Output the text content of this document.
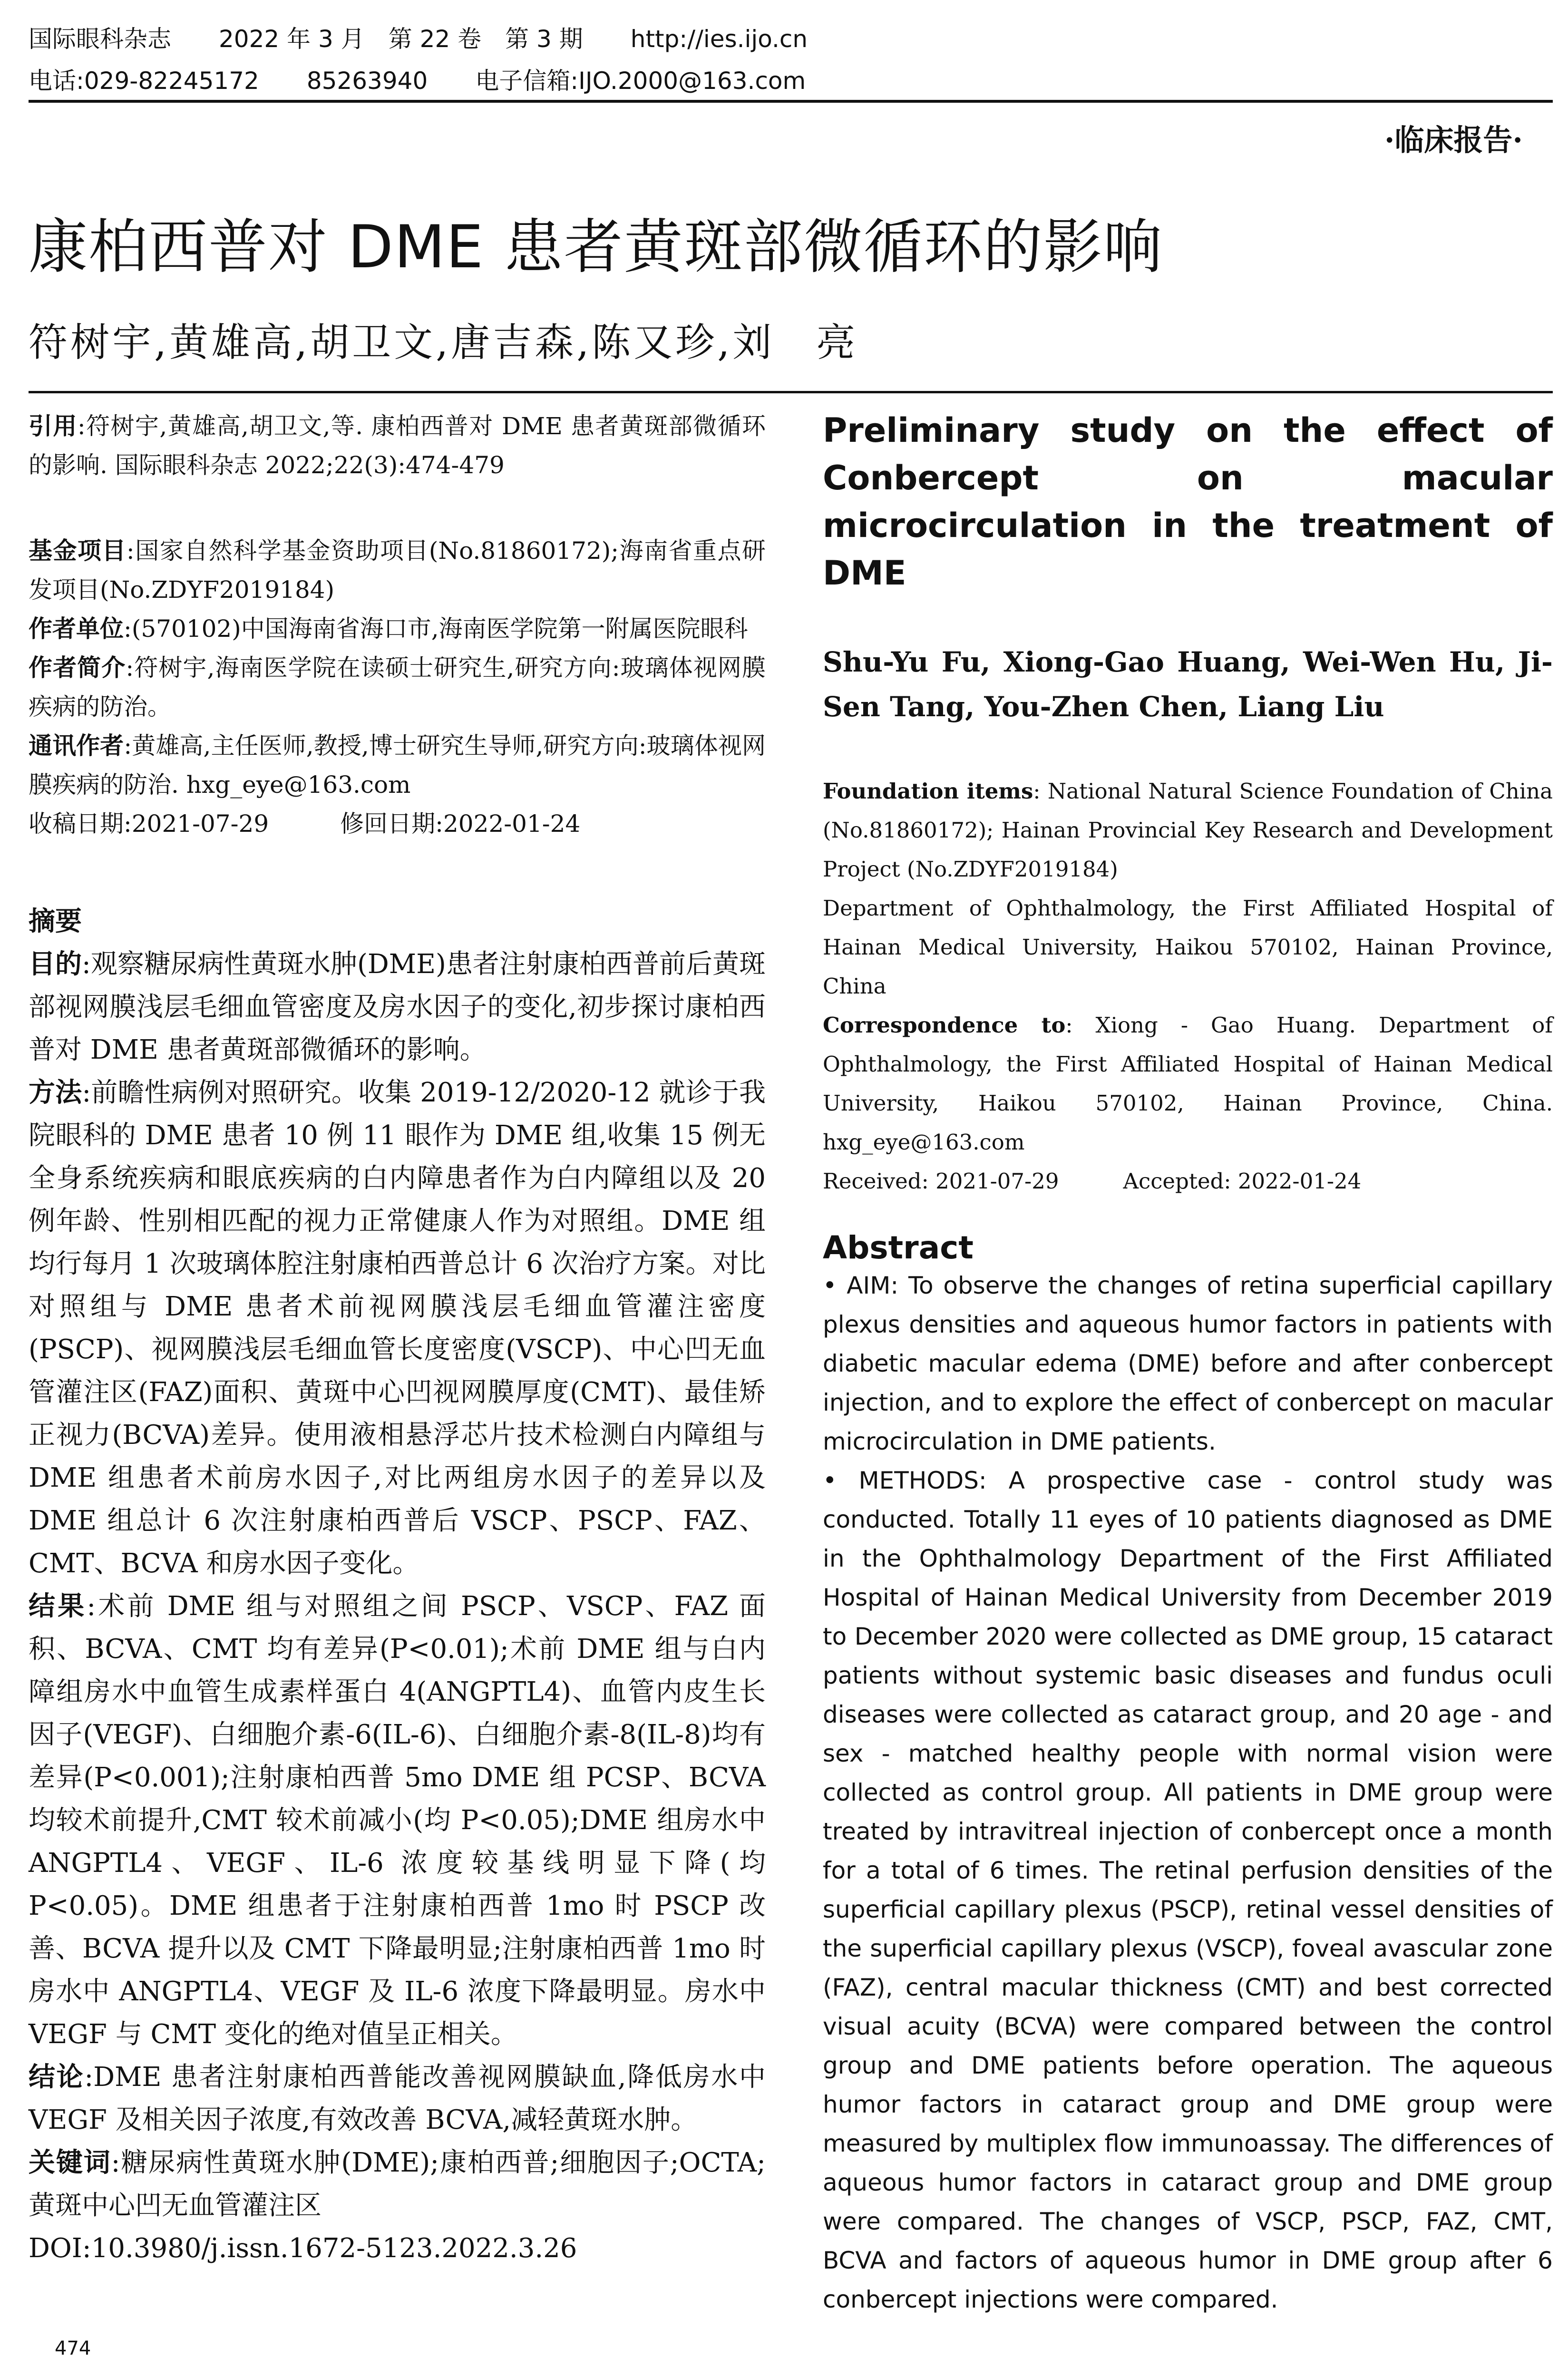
国际眼科杂志　　 2022 年 3 月　第 22 卷　第 3 期　　 http://ies.ijo.cn
电话:029-82245172　　85263940　　 电子信箱:IJO.2000@163.com
·临床报告·
康柏西普对 DME 患者黄斑部微循环的影响
符树宇,黄雄高,胡卫文,唐吉森,陈又珍,刘　亮

引用:符树宇,黄雄高,胡卫文,等. 康柏西普对 DME 患者黄斑部微循环的影响. 国际眼科杂志 2022;22(3):474-479

基金项目:国家自然科学基金资助项目(No.81860172);海南省重点研发项目(No.ZDYF2019184)

作者单位:(570102)中国海南省海口市,海南医学院第一附属医院眼科

作者简介:符树宇,海南医学院在读硕士研究生,研究方向:玻璃体视网膜疾病的防治。

通讯作者:黄雄高,主任医师,教授,博士研究生导师,研究方向:玻璃体视网膜疾病的防治. hxg_eye@163.com

收稿日期:2021-07-29　　　修回日期:2022-01-24

摘要

目的:观察糖尿病性黄斑水肿(DME)患者注射康柏西普前后黄斑部视网膜浅层毛细血管密度及房水因子的变化,初步探讨康柏西普对 DME 患者黄斑部微循环的影响。

方法:前瞻性病例对照研究。收集 2019-12/2020-12 就诊于我院眼科的 DME 患者 10 例 11 眼作为 DME 组,收集 15 例无全身系统疾病和眼底疾病的白内障患者作为白内障组以及 20 例年龄、性别相匹配的视力正常健康人作为对照组。DME 组均行每月 1 次玻璃体腔注射康柏西普总计 6 次治疗方案。对比对照组与 DME 患者术前视网膜浅层毛细血管灌注密度(PSCP)、视网膜浅层毛细血管长度密度(VSCP)、中心凹无血管灌注区(FAZ)面积、黄斑中心凹视网膜厚度(CMT)、最佳矫正视力(BCVA)差异。使用液相悬浮芯片技术检测白内障组与 DME 组患者术前房水因子,对比两组房水因子的差异以及 DME 组总计 6 次注射康柏西普后 VSCP、PSCP、FAZ、CMT、BCVA 和房水因子变化。

结果:术前 DME 组与对照组之间 PSCP、VSCP、FAZ 面积、BCVA、CMT 均有差异(P<0.01);术前 DME 组与白内障组房水中血管生成素样蛋白 4(ANGPTL4)、血管内皮生长因子(VEGF)、白细胞介素-6(IL-6)、白细胞介素-8(IL-8)均有差异(P<0.001);注射康柏西普 5mo DME 组 PCSP、BCVA 均较术前提升,CMT 较术前减小(均 P<0.05);DME 组房水中 ANGPTL4、VEGF、IL-6 浓度较基线明显下降(均 P<0.05)。DME 组患者于注射康柏西普 1mo 时 PSCP 改善、BCVA 提升以及 CMT 下降最明显;注射康柏西普 1mo 时房水中 ANGPTL4、VEGF 及 IL-6 浓度下降最明显。房水中 VEGF 与 CMT 变化的绝对值呈正相关。

结论:DME 患者注射康柏西普能改善视网膜缺血,降低房水中 VEGF 及相关因子浓度,有效改善 BCVA,减轻黄斑水肿。

关键词:糖尿病性黄斑水肿(DME);康柏西普;细胞因子;OCTA;黄斑中心凹无血管灌注区

DOI:10.3980/j.issn.1672-5123.2022.3.26

Preliminary study on the effect of Conbercept on macular microcirculation in the treatment of DME

Shu-Yu Fu, Xiong-Gao Huang, Wei-Wen Hu, Ji-Sen Tang, You-Zhen Chen, Liang Liu

Foundation items: National Natural Science Foundation of China (No.81860172); Hainan Provincial Key Research and Development Project (No.ZDYF2019184)

Department of Ophthalmology, the First Affiliated Hospital of Hainan Medical University, Haikou 570102, Hainan Province, China

Correspondence to: Xiong - Gao Huang. Department of Ophthalmology, the First Affiliated Hospital of Hainan Medical University, Haikou 570102, Hainan Province, China. hxg_eye@163.com

Received: 2021-07-29　　　Accepted: 2022-01-24

Abstract

• AIM: To observe the changes of retina superficial capillary plexus densities and aqueous humor factors in patients with diabetic macular edema (DME) before and after conbercept injection, and to explore the effect of conbercept on macular microcirculation in DME patients.

• METHODS: A prospective case - control study was conducted. Totally 11 eyes of 10 patients diagnosed as DME in the Ophthalmology Department of the First Affiliated Hospital of Hainan Medical University from December 2019 to December 2020 were collected as DME group, 15 cataract patients without systemic basic diseases and fundus oculi diseases were collected as cataract group, and 20 age - and sex - matched healthy people with normal vision were collected as control group. All patients in DME group were treated by intravitreal injection of conbercept once a month for a total of 6 times. The retinal perfusion densities of the superficial capillary plexus (PSCP), retinal vessel densities of the superficial capillary plexus (VSCP), foveal avascular zone (FAZ), central macular thickness (CMT) and best corrected visual acuity (BCVA) were compared between the control group and DME patients before operation. The aqueous humor factors in cataract group and DME group were measured by multiplex flow immunoassay. The differences of aqueous humor factors in cataract group and DME group were compared. The changes of VSCP, PSCP, FAZ, CMT, BCVA and factors of aqueous humor in DME group after 6 conbercept injections were compared.

474
